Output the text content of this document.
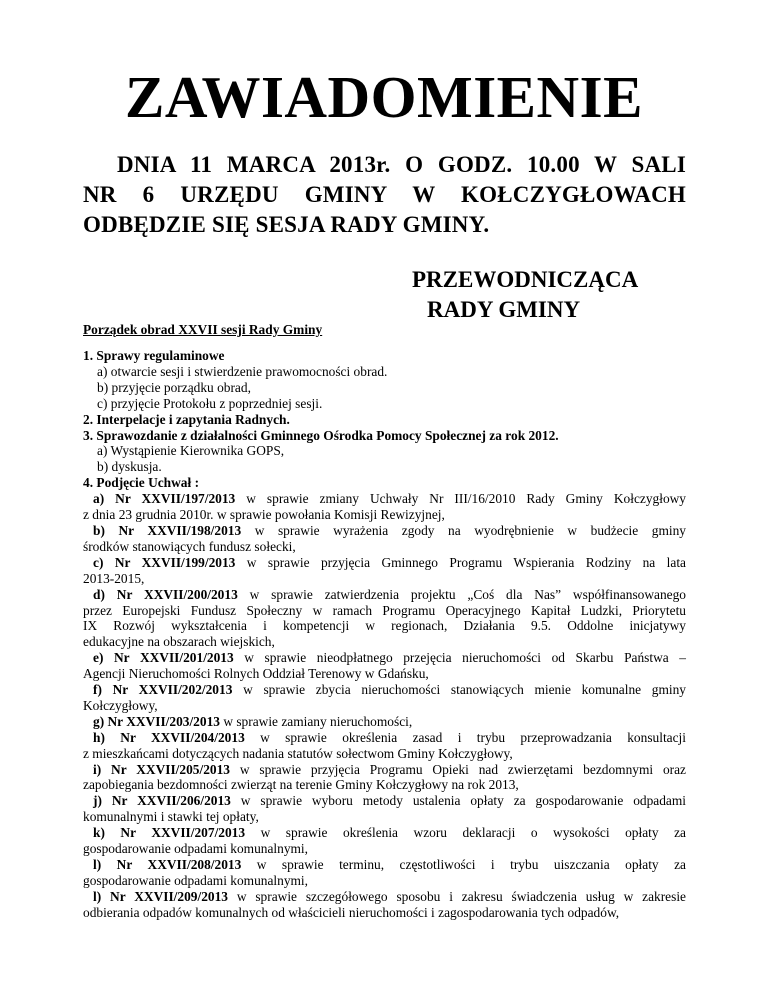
ZAWIADOMIENIE
DNIA 11 MARCA 2013r. O GODZ. 10.00 W SALI
NR 6 URZĘDU GMINY W KOŁCZYGŁOWACH
ODBĘDZIE SIĘ SESJA RADY GMINY.
PRZEWODNICZĄCA
RADY GMINY
Porządek obrad XXVII sesji Rady Gminy
1. Sprawy regulaminowe
a) otwarcie sesji i stwierdzenie prawomocności obrad.
b) przyjęcie porządku obrad,
c) przyjęcie Protokołu z poprzedniej sesji.
2. Interpelacje i zapytania Radnych.
3. Sprawozdanie z działalności Gminnego Ośrodka Pomocy Społecznej za rok 2012.
a) Wystąpienie Kierownika GOPS,
b) dyskusja.
4. Podjęcie Uchwał :
a) Nr XXVII/197/2013 w sprawie zmiany Uchwały Nr III/16/2010 Rady Gminy Kołczygłowy
z dnia 23 grudnia 2010r. w sprawie powołania Komisji Rewizyjnej,
b) Nr XXVII/198/2013 w sprawie wyrażenia zgody na wyodrębnienie w budżecie gminy
środków stanowiących fundusz sołecki,
c) Nr XXVII/199/2013 w sprawie przyjęcia Gminnego Programu Wspierania Rodziny na lata
2013-2015,
d) Nr XXVII/200/2013 w sprawie zatwierdzenia projektu „Coś dla Nas” współfinansowanego
przez Europejski Fundusz Społeczny w ramach Programu Operacyjnego Kapitał Ludzki, Priorytetu
IX Rozwój wykształcenia i kompetencji w regionach, Działania 9.5. Oddolne inicjatywy
edukacyjne na obszarach wiejskich,
e) Nr XXVII/201/2013 w sprawie nieodpłatnego przejęcia nieruchomości od Skarbu Państwa –
Agencji Nieruchomości Rolnych Oddział Terenowy w Gdańsku,
f) Nr XXVII/202/2013 w sprawie zbycia nieruchomości stanowiących mienie komunalne gminy
Kołczygłowy,
g) Nr XXVII/203/2013 w sprawie zamiany nieruchomości,
h) Nr XXVII/204/2013 w sprawie określenia zasad i trybu przeprowadzania konsultacji
z mieszkańcami dotyczących nadania statutów sołectwom Gminy Kołczygłowy,
i) Nr XXVII/205/2013 w sprawie przyjęcia Programu Opieki nad zwierzętami bezdomnymi oraz
zapobiegania bezdomności zwierząt na terenie Gminy Kołczygłowy na rok 2013,
j) Nr XXVII/206/2013 w sprawie wyboru metody ustalenia opłaty za gospodarowanie odpadami
komunalnymi i stawki tej opłaty,
k) Nr XXVII/207/2013 w sprawie określenia wzoru deklaracji o wysokości opłaty za
gospodarowanie odpadami komunalnymi,
l) Nr XXVII/208/2013 w sprawie terminu, częstotliwości i trybu uiszczania opłaty za
gospodarowanie odpadami komunalnymi,
l) Nr XXVII/209/2013 w sprawie szczegółowego sposobu i zakresu świadczenia usług w zakresie
odbierania odpadów komunalnych od właścicieli nieruchomości i zagospodarowania tych odpadów,
